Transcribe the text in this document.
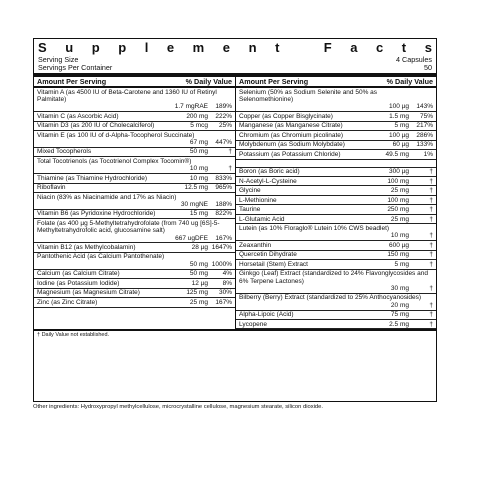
S u p p l e m e n t
	F a c t s
Serving Size	4 Capsules
Servings Per Container	50
Amount Per Serving	% Daily Value
Vitamin A (as 4500 IU of Beta-Carotene and 1360 IU of Retinyl Palmitate)
1.7 mgRAE	189%
Vitamin C (as Ascorbic Acid)	200 mg	222%
Vitamin D3 (as 200 IU of Cholecalciferol)	5 mcg	25%
Vitamin E (as 100 IU of d-Alpha-Tocopherol Succinate)
67 mg	447%
Mixed Tocopherols	50 mg	†
Total Tocotrienols (as Tocotrienol Complex Tocomin®)
10 mg	†
Thiamine (as Thiamine Hydrochloride)	10 mg	833%
Riboflavin	12.5 mg	965%
Niacin (83% as Niacinamide and 17% as Niacin)
30 mgNE	188%
Vitamin B6 (as Pyridoxine Hydrochloride)	15 mg	822%
Folate (as 400 µg 5-Methyltetrahydrofolate (from 740 ug [6S]-5-Methyltetrahydrofolic acid, glucosamine salt)
667 ugDFE	167%
Vitamin B12 (as Methylcobalamin)	28 µg 1647%
Pantothenic Acid (as Calcium Pantothenate)
50 mg 1000%
Calcium (as Calcium Citrate)	50 mg	4%
Iodine (as Potassium Iodide)	12 µg	8%
Magnesium (as Magnesium Citrate)	125 mg	30%
Zinc (as Zinc Citrate)	25 mg	167%
Amount Per Serving	% Daily Value
Selenium (50% as Sodium Selenite and 50% as Selenomethionine)
100 µg	143%
Copper (as Copper Bisglycinate)	1.5 mg	75%
Manganese (as Manganese Citrate)	5 mg	217%
Chromium (as Chromium picolinate)	100 µg	286%
Molybdenum (as Sodium Molybdate)	60 µg	133%
Potassium (as Potassium Chloride)	49.5 mg	1%
Boron (as Boric acid)	300 µg	†
N-Acetyl-L-Cysteine	100 mg	†
Glycine	25 mg	†
L-Methionine	100 mg	†
Taurine	250 mg	†
L-Glutamic Acid	25 mg	†
Lutein (as 10% Floraglo® Lutein 10% CWS beadlet)
10 mg	†
Zeaxanthin	600 µg	†
Quercetin Dihydrate	150 mg	†
Horsetail (Stem) Extract	5 mg	†
Ginkgo (Leaf) Extract (standardized to 24% Flavonglycosides and 6% Terpene Lactones)
30 mg	†
Bilberry (Berry) Extract (standardized to 25% Anthocyanosides)
20 mg	†
Alpha-Lipoic (Acid)	75 mg	†
Lycopene	2.5 mg	†
† Daily Value not established.
Other ingredients: Hydroxypropyl methylcellulose, microcrystalline cellulose, magnesium stearate, silicon dioxide.
